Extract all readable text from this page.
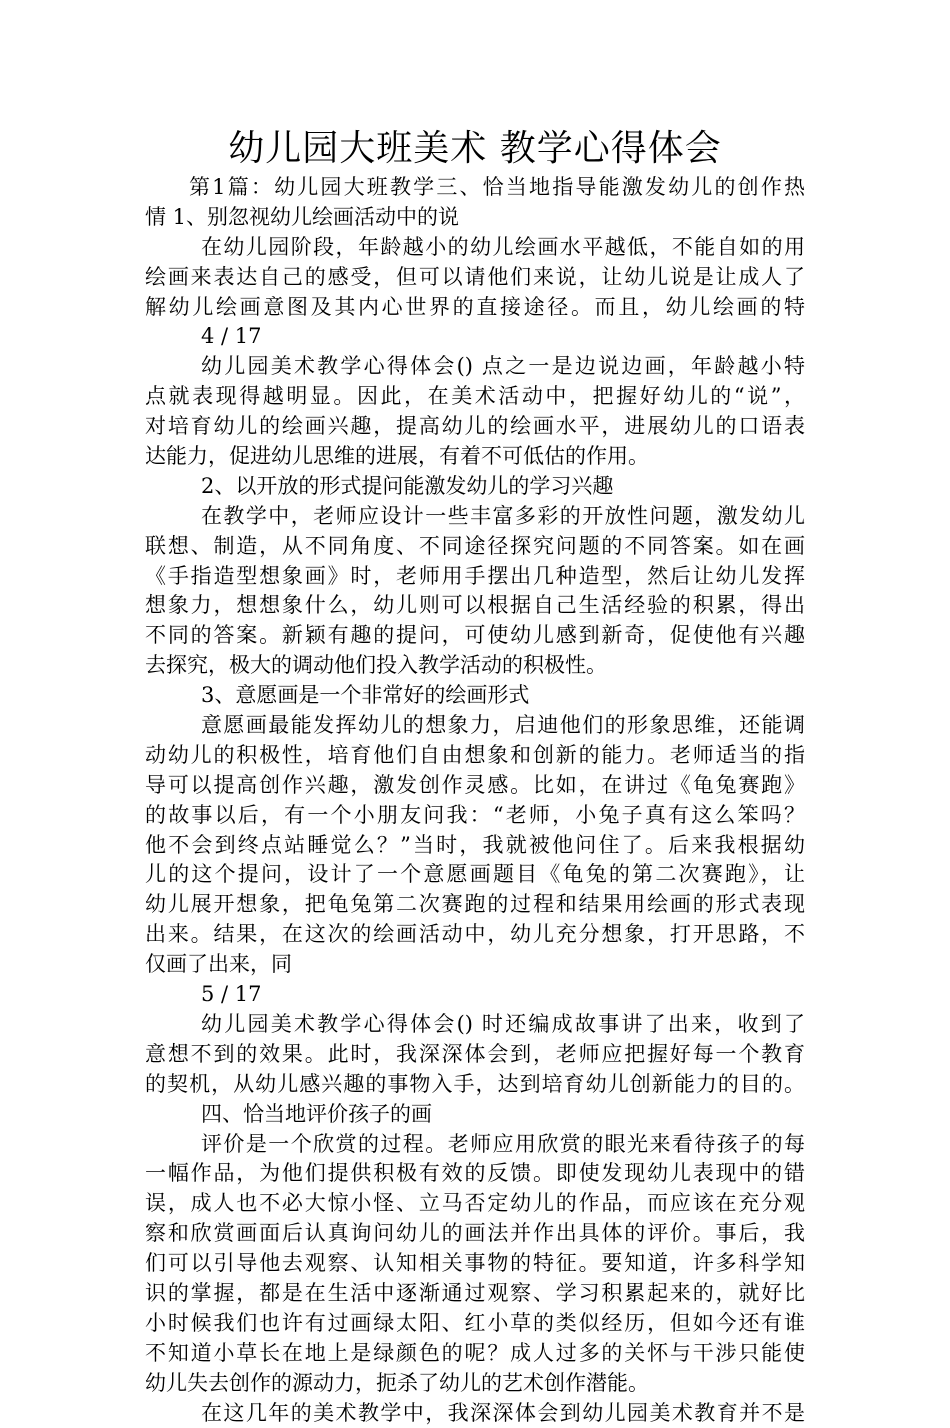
幼儿园大班美术 教学心得体会
第1篇：幼儿园大班教学三、恰当地指导能激发幼儿的创作热
情 1、别忽视幼儿绘画活动中的说
在幼儿园阶段，年龄越小的幼儿绘画水平越低，不能自如的用
绘画来表达自己的感受，但可以请他们来说，让幼儿说是让成人了
解幼儿绘画意图及其内心世界的直接途径。而且，幼儿绘画的特
4 / 17
幼儿园美术教学心得体会() 点之一是边说边画，年龄越小特
点就表现得越明显。因此，在美术活动中，把握好幼儿的“说”，
对培育幼儿的绘画兴趣，提高幼儿的绘画水平，进展幼儿的口语表
达能力，促进幼儿思维的进展，有着不可低估的作用。
2、以开放的形式提问能激发幼儿的学习兴趣
在教学中，老师应设计一些丰富多彩的开放性问题，激发幼儿
联想、制造，从不同角度、不同途径探究问题的不同答案。如在画
《手指造型想象画》时，老师用手摆出几种造型，然后让幼儿发挥
想象力，想想象什么，幼儿则可以根据自己生活经验的积累，得出
不同的答案。新颖有趣的提问，可使幼儿感到新奇，促使他有兴趣
去探究，极大的调动他们投入教学活动的积极性。
3、意愿画是一个非常好的绘画形式
意愿画最能发挥幼儿的想象力，启迪他们的形象思维，还能调
动幼儿的积极性，培育他们自由想象和创新的能力。老师适当的指
导可以提高创作兴趣，激发创作灵感。比如，在讲过《龟兔赛跑》
的故事以后，有一个小朋友问我：“老师，小兔子真有这么笨吗？
他不会到终点站睡觉么？”当时，我就被他问住了。后来我根据幼
儿的这个提问，设计了一个意愿画题目《龟兔的第二次赛跑》，让
幼儿展开想象，把龟兔第二次赛跑的过程和结果用绘画的形式表现
出来。结果，在这次的绘画活动中，幼儿充分想象，打开思路，不
仅画了出来，同
5 / 17
幼儿园美术教学心得体会() 时还编成故事讲了出来，收到了
意想不到的效果。此时，我深深体会到，老师应把握好每一个教育
的契机，从幼儿感兴趣的事物入手，达到培育幼儿创新能力的目的。
四、恰当地评价孩子的画
评价是一个欣赏的过程。老师应用欣赏的眼光来看待孩子的每
一幅作品，为他们提供积极有效的反馈。即使发现幼儿表现中的错
误，成人也不必大惊小怪、立马否定幼儿的作品，而应该在充分观
察和欣赏画面后认真询问幼儿的画法并作出具体的评价。事后，我
们可以引导他去观察、认知相关事物的特征。要知道，许多科学知
识的掌握，都是在生活中逐渐通过观察、学习积累起来的，就好比
小时候我们也许有过画绿太阳、红小草的类似经历，但如今还有谁
不知道小草长在地上是绿颜色的呢？成人过多的关怀与干涉只能使
幼儿失去创作的源动力，扼杀了幼儿的艺术创作潜能。
在这几年的美术教学中，我深深体会到幼儿园美术教育并不是
